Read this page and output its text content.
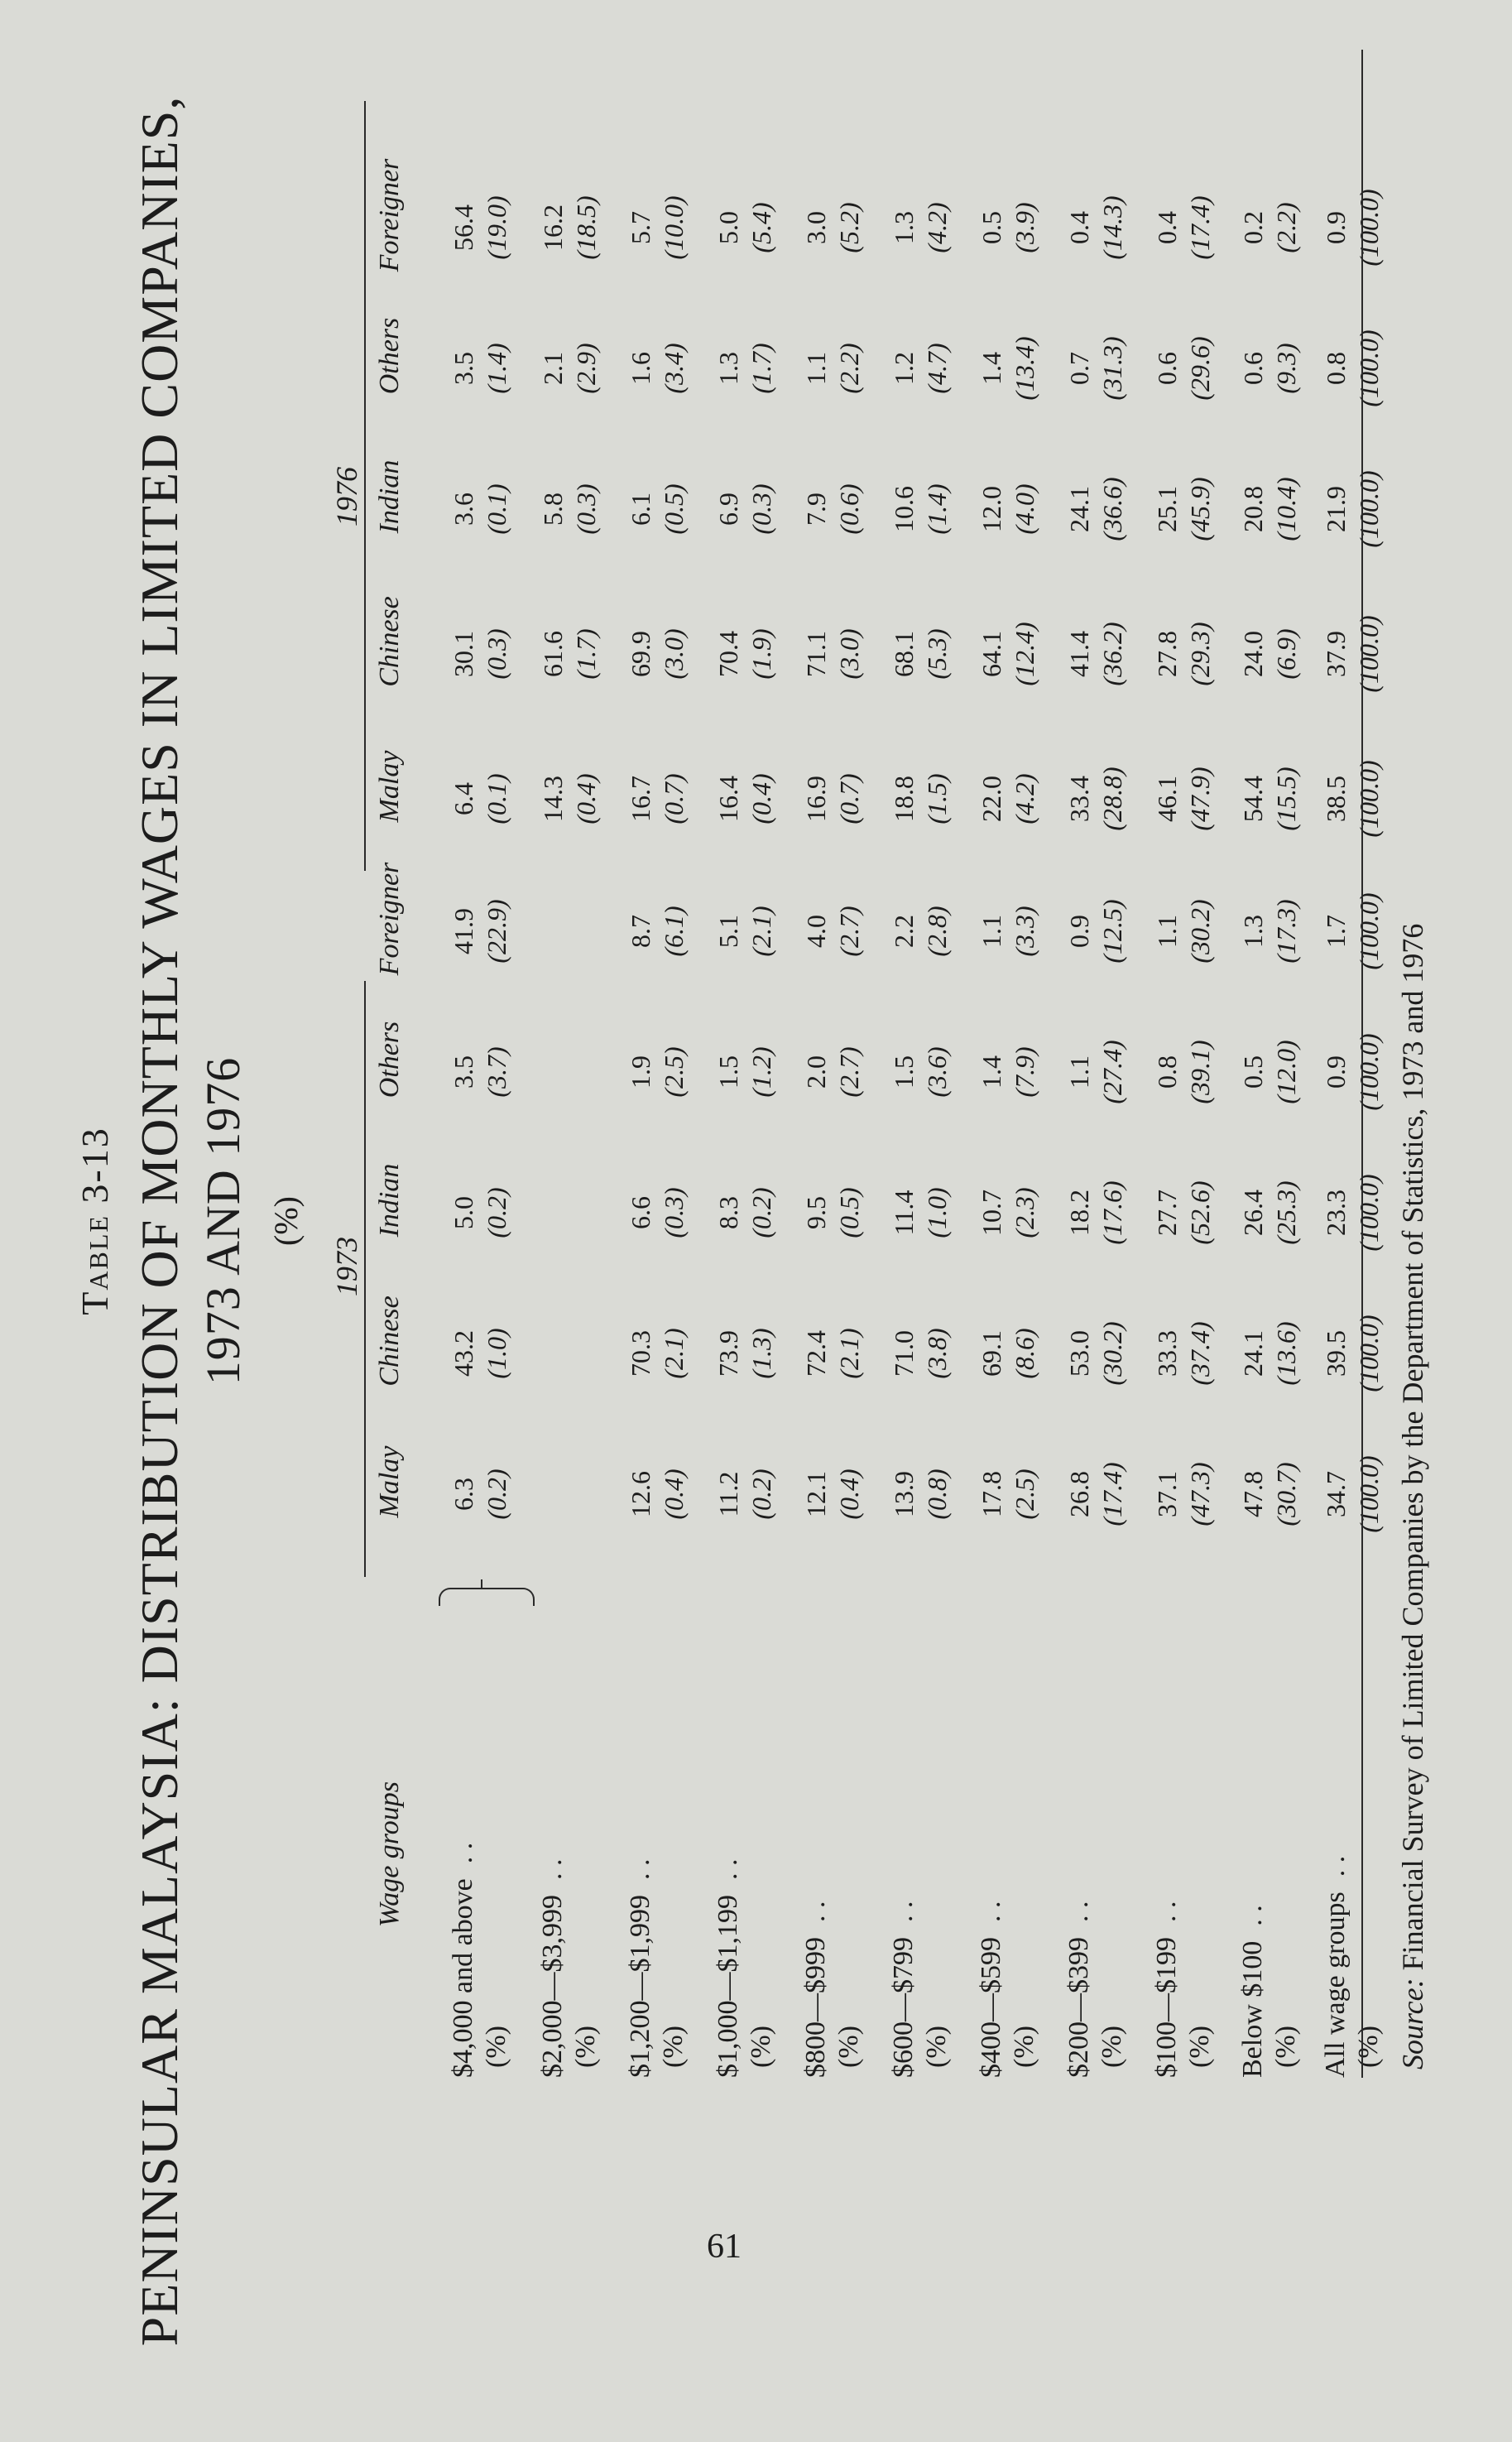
61
Table 3-13 PENINSULAR MALAYSIA: DISTRIBUTION OF MONTHLY WAGES IN LIMITED COMPANIES, 1973 AND 1976 (%)
1973
1976
Wage groups
Malay
Chinese
Indian
Others
Foreigner
Malay
Chinese
Indian
Others
Foreigner
$4,000 and above. .
(%)
6.3 (0.2)
43.2 (1.0)
5.0 (0.2)
3.5 (3.7)
41.9 (22.9)
6.4 (0.1)
30.1 (0.3)
3.6 (0.1)
3.5 (1.4)
56.4 (19.0)
$2,000—$3,999. .
(%)
14.3 (0.4)
61.6 (1.7)
5.8 (0.3)
2.1 (2.9)
16.2 (18.5)
$1,200—$1,999. .
(%)
12.6 (0.4)
70.3 (2.1)
6.6 (0.3)
1.9 (2.5)
8.7 (6.1)
16.7 (0.7)
69.9 (3.0)
6.1 (0.5)
1.6 (3.4)
5.7 (10.0)
$1,000—$1,199. .
(%)
11.2 (0.2)
73.9 (1.3)
8.3 (0.2)
1.5 (1.2)
5.1 (2.1)
16.4 (0.4)
70.4 (1.9)
6.9 (0.3)
1.3 (1.7)
5.0 (5.4)
$800—$999. .
(%)
12.1 (0.4)
72.4 (2.1)
9.5 (0.5)
2.0 (2.7)
4.0 (2.7)
16.9 (0.7)
71.1 (3.0)
7.9 (0.6)
1.1 (2.2)
3.0 (5.2)
$600—$799. .
(%)
13.9 (0.8)
71.0 (3.8)
11.4 (1.0)
1.5 (3.6)
2.2 (2.8)
18.8 (1.5)
68.1 (5.3)
10.6 (1.4)
1.2 (4.7)
1.3 (4.2)
$400—$599. .
(%)
17.8 (2.5)
69.1 (8.6)
10.7 (2.3)
1.4 (7.9)
1.1 (3.3)
22.0 (4.2)
64.1 (12.4)
12.0 (4.0)
1.4 (13.4)
0.5 (3.9)
$200—$399. .
(%)
26.8 (17.4)
53.0 (30.2)
18.2 (17.6)
1.1 (27.4)
0.9 (12.5)
33.4 (28.8)
41.4 (36.2)
24.1 (36.6)
0.7 (31.3)
0.4 (14.3)
$100—$199. .
(%)
37.1 (47.3)
33.3 (37.4)
27.7 (52.6)
0.8 (39.1)
1.1 (30.2)
46.1 (47.9)
27.8 (29.3)
25.1 (45.9)
0.6 (29.6)
0.4 (17.4)
Below $100. .
(%)
47.8 (30.7)
24.1 (13.6)
26.4 (25.3)
0.5 (12.0)
1.3 (17.3)
54.4 (15.5)
24.0 (6.9)
20.8 (10.4)
0.6 (9.3)
0.2 (2.2)
All wage groups. .
(%)
34.7 (100.0)
39.5 (100.0)
23.3 (100.0)
0.9 (100.0)
1.7 (100.0)
38.5 (100.0)
37.9 (100.0)
21.9 (100.0)
0.8 (100.0)
0.9 (100.0)
Source: Financial Survey of Limited Companies by the Department of Statistics, 1973 and 1976
